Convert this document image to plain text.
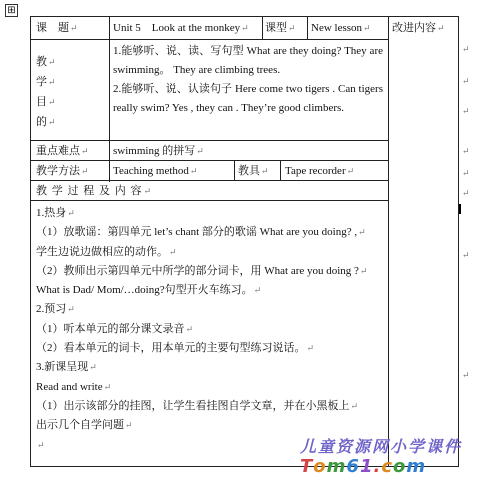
⊞
课　题↵	Unit 5　Look at the monkey↵ 课型↵ New lesson↵ 改进内容↵
教↵
学↵
目↵
的↵
1.能够听、说、读、写句型 What are they doing? They are swimming。 They are climbing trees.
2.能够听、说、认读句子 Here come two tigers . Can tigers really swim? Yes , they can . They’re good climbers.
重点难点↵ swimming 的拼写↵
教学方法↵ Teaching method↵	教具↵ Tape recorder↵
教 学 过 程 及 内 容↵
1.热身↵
（1）放歌谣：第四单元 let’s chant 部分的歌谣 What are you doing? ,↵
学生边说边做相应的动作。↵
（2）教师出示第四单元中所学的部分词卡，用 What are you doing ?↵
What is Dad/ Mom/…doing?句型开火车练习。↵
2.预习↵
（1）听本单元的部分课文录音↵
（2）看本单元的词卡，用本单元的主要句型练习说话。↵
3.新课呈现↵
Read and write↵
（1）出示该部分的挂图，让学生看挂图自学文章，并在小黑板上↵
出示几个自学问题↵
↵
↵
↵
↵
↵
↵
↵
↵
↵
儿童资源网小学课件
Tom61.com
